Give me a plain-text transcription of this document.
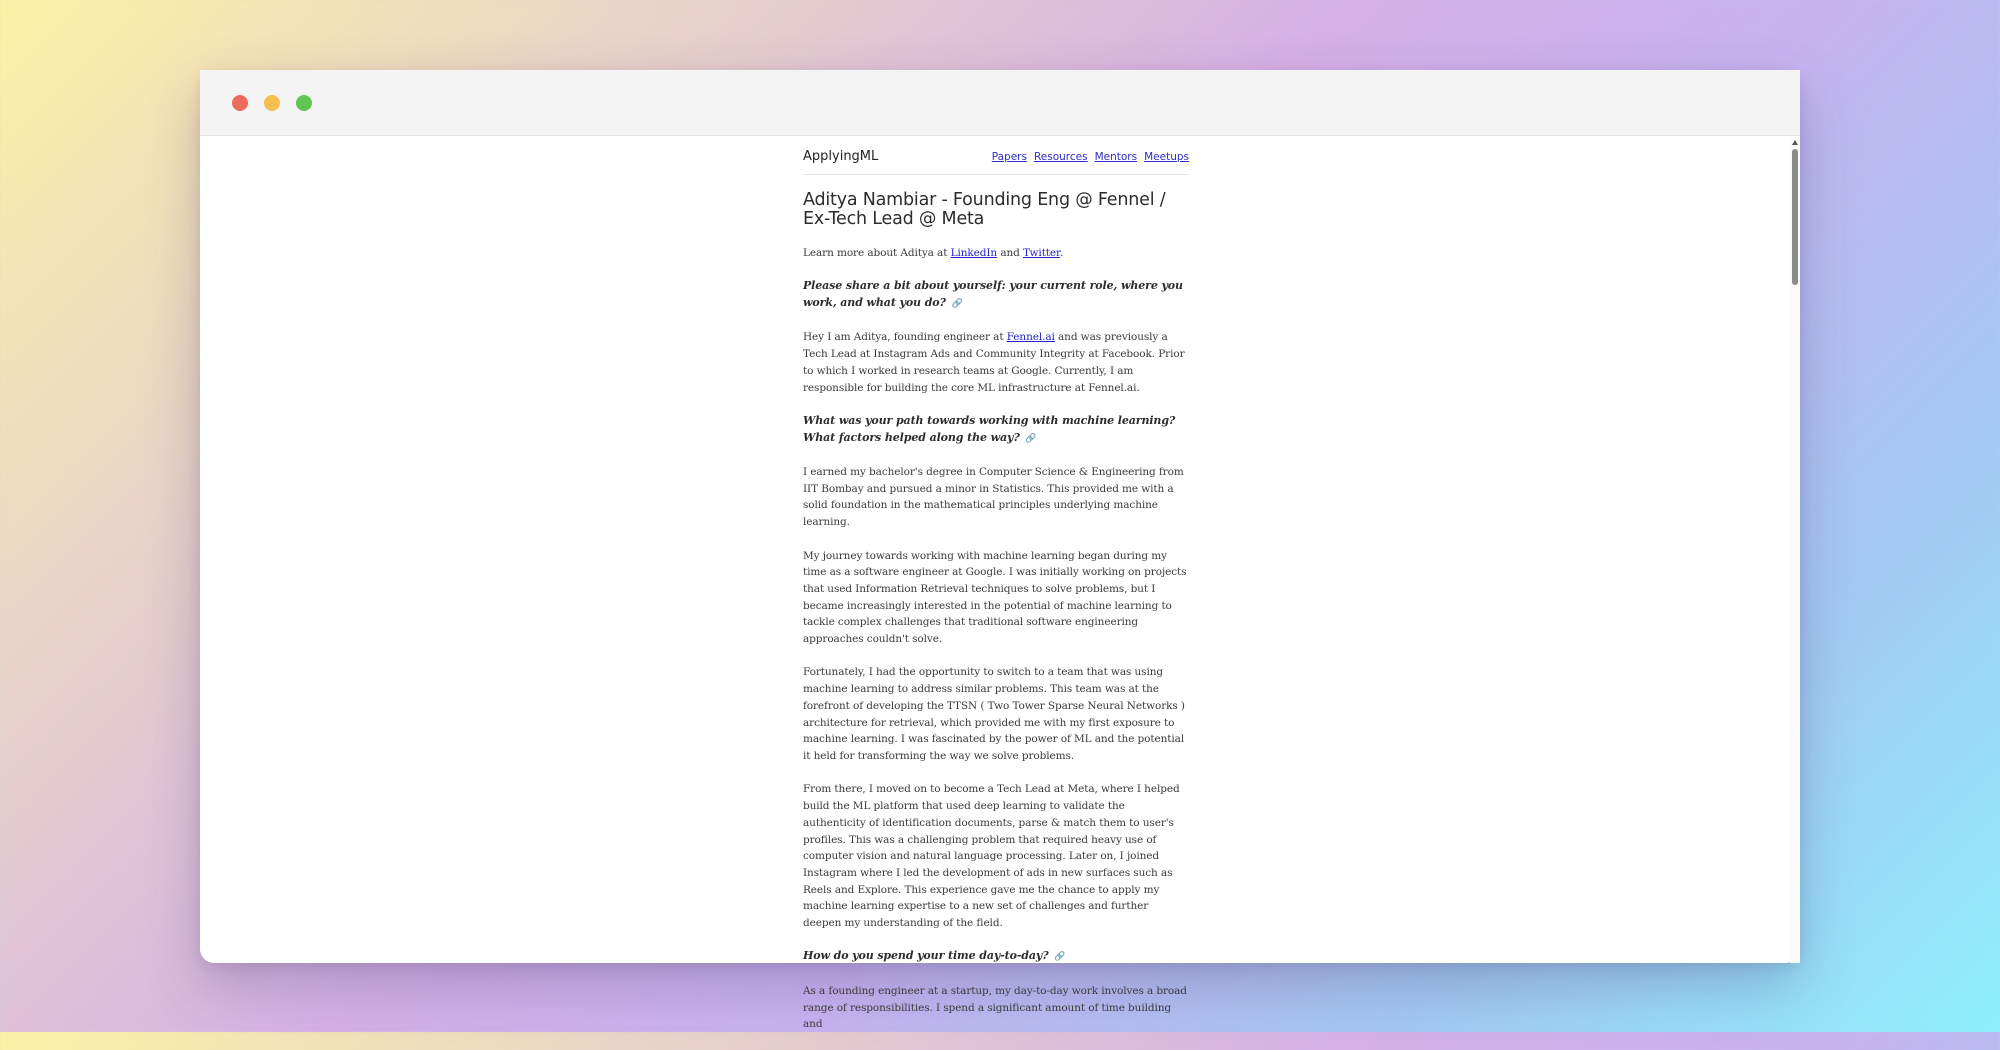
ApplyingML	Papers Resources Mentors Meetups
Aditya Nambiar - Founding Eng @ Fennel / Ex-Tech Lead @ Meta

Learn more about Aditya at LinkedIn and Twitter.

Please share a bit about yourself: your current role, where you work, and what you do? 🔗

Hey I am Aditya, founding engineer at Fennel.ai and was previously a Tech Lead at Instagram Ads and Community Integrity at Facebook. Prior to which I worked in research teams at Google. Currently, I am responsible for building the core ML infrastructure at Fennel.ai.

What was your path towards working with machine learning? What factors helped along the way? 🔗

I earned my bachelor's degree in Computer Science & Engineering from IIT Bombay and pursued a minor in Statistics. This provided me with a solid foundation in the mathematical principles underlying machine learning.

My journey towards working with machine learning began during my time as a software engineer at Google. I was initially working on projects that used Information Retrieval techniques to solve problems, but I became increasingly interested in the potential of machine learning to tackle complex challenges that traditional software engineering approaches couldn't solve.

Fortunately, I had the opportunity to switch to a team that was using machine learning to address similar problems. This team was at the forefront of developing the TTSN ( Two Tower Sparse Neural Networks ) architecture for retrieval, which provided me with my first exposure to machine learning. I was fascinated by the power of ML and the potential it held for transforming the way we solve problems.

From there, I moved on to become a Tech Lead at Meta, where I helped build the ML platform that used deep learning to validate the authenticity of identification documents, parse & match them to user's profiles. This was a challenging problem that required heavy use of computer vision and natural language processing. Later on, I joined Instagram where I led the development of ads in new surfaces such as Reels and Explore. This experience gave me the chance to apply my machine learning expertise to a new set of challenges and further deepen my understanding of the field.

How do you spend your time day-to-day? 🔗

As a founding engineer at a startup, my day-to-day work involves a broad range of responsibilities. I spend a significant amount of time building and
